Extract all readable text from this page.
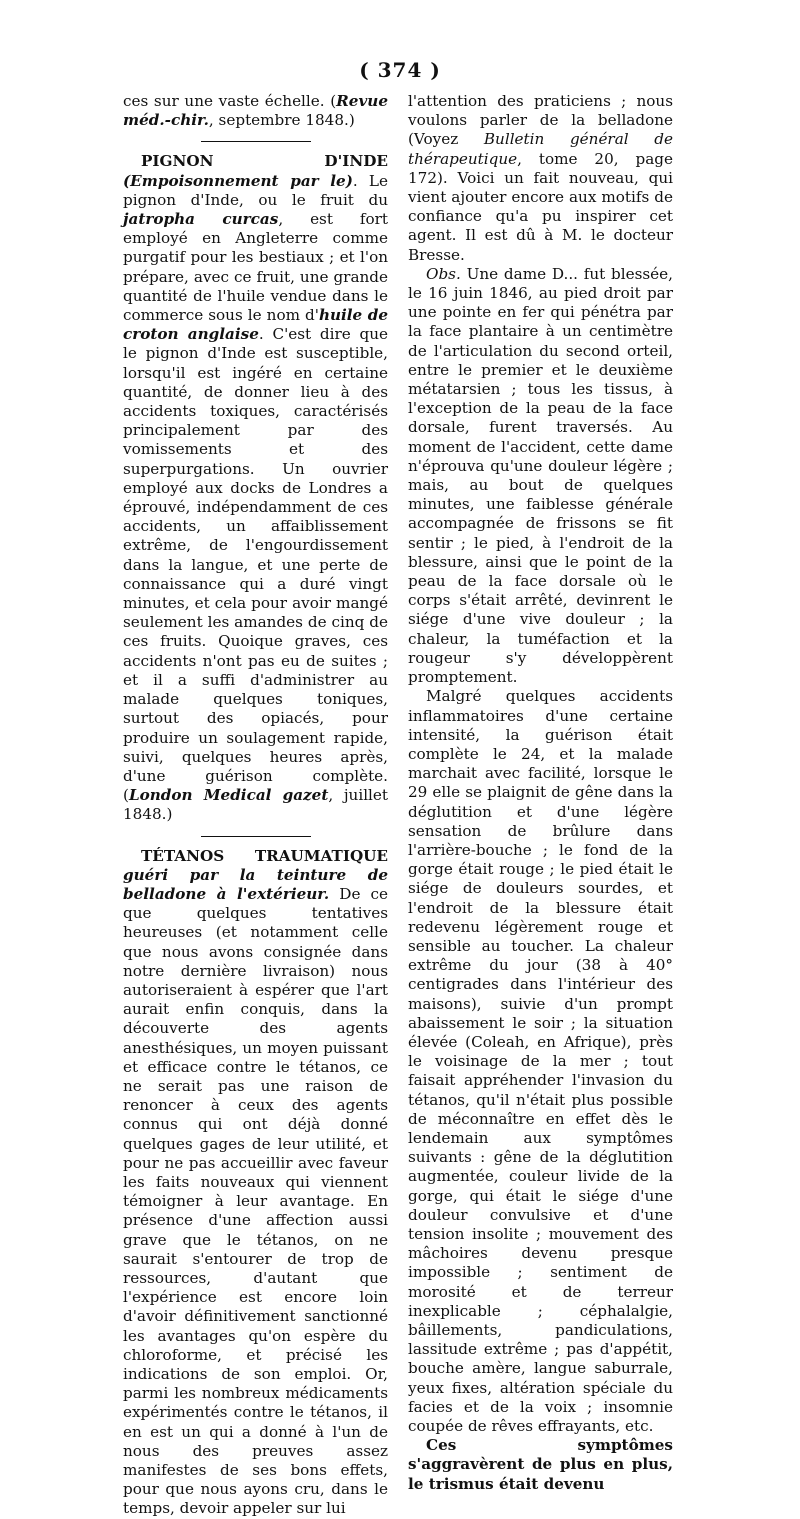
( 374 )

ces sur une vaste échelle. (Revue méd.-chir., septembre 1848.)

PIGNON D'INDE (Empoisonnement par le). Le pignon d'Inde, ou le fruit du jatropha curcas, est fort employé en Angleterre comme purgatif pour les bestiaux ; et l'on prépare, avec ce fruit, une grande quantité de l'huile vendue dans le commerce sous le nom d'huile de croton anglaise. C'est dire que le pignon d'Inde est susceptible, lorsqu'il est ingéré en certaine quantité, de donner lieu à des accidents toxiques, caractérisés principalement par des vomissements et des superpurgations. Un ouvrier employé aux docks de Londres a éprouvé, indépendamment de ces accidents, un affaiblissement extrême, de l'engourdissement dans la langue, et une perte de connaissance qui a duré vingt minutes, et cela pour avoir mangé seulement les amandes de cinq de ces fruits. Quoique graves, ces accidents n'ont pas eu de suites ; et il a suffi d'administrer au malade quelques toniques, surtout des opiacés, pour produire un soulagement rapide, suivi, quelques heures après, d'une guérison complète. (London Medical gazet, juillet 1848.)

TÉTANOS TRAUMATIQUE guéri par la teinture de belladone à l'extérieur. De ce que quelques tentatives heureuses (et notamment celle que nous avons consignée dans notre dernière livraison) nous autoriseraient à espérer que l'art aurait enfin conquis, dans la découverte des agents anesthésiques, un moyen puissant et efficace contre le tétanos, ce ne serait pas une raison de renoncer à ceux des agents connus qui ont déjà donné quelques gages de leur utilité, et pour ne pas accueillir avec faveur les faits nouveaux qui viennent témoigner à leur avantage. En présence d'une affection aussi grave que le tétanos, on ne saurait s'entourer de trop de ressources, d'autant que l'expérience est encore loin d'avoir définitivement sanctionné les avantages qu'on espère du chloroforme, et précisé les indications de son emploi. Or, parmi les nombreux médicaments expérimentés contre le tétanos, il en est un qui a donné à l'un de nous des preuves assez manifestes de ses bons effets, pour que nous ayons cru, dans le temps, devoir appeler sur lui

l'attention des praticiens ; nous voulons parler de la belladone (Voyez Bulletin général de thérapeutique, tome 20, page 172). Voici un fait nouveau, qui vient ajouter encore aux motifs de confiance qu'a pu inspirer cet agent. Il est dû à M. le docteur Bresse.

Obs. Une dame D... fut blessée, le 16 juin 1846, au pied droit par une pointe en fer qui pénétra par la face plantaire à un centimètre de l'articulation du second orteil, entre le premier et le deuxième métatarsien ; tous les tissus, à l'exception de la peau de la face dorsale, furent traversés. Au moment de l'accident, cette dame n'éprouva qu'une douleur légère ; mais, au bout de quelques minutes, une faiblesse générale accompagnée de frissons se fit sentir ; le pied, à l'endroit de la blessure, ainsi que le point de la peau de la face dorsale où le corps s'était arrêté, devinrent le siége d'une vive douleur ; la chaleur, la tuméfaction et la rougeur s'y développèrent promptement.

Malgré quelques accidents inflammatoires d'une certaine intensité, la guérison était complète le 24, et la malade marchait avec facilité, lorsque le 29 elle se plaignit de gêne dans la déglutition et d'une légère sensation de brûlure dans l'arrière-bouche ; le fond de la gorge était rouge ; le pied était le siége de douleurs sourdes, et l'endroit de la blessure était redevenu légèrement rouge et sensible au toucher. La chaleur extrême du jour (38 à 40° centigrades dans l'intérieur des maisons), suivie d'un prompt abaissement le soir ; la situation élevée (Coleah, en Afrique), près le voisinage de la mer ; tout faisait appréhender l'invasion du tétanos, qu'il n'était plus possible de méconnaître en effet dès le lendemain aux symptômes suivants : gêne de la déglutition augmentée, couleur livide de la gorge, qui était le siége d'une douleur convulsive et d'une tension insolite ; mouvement des mâchoires devenu presque impossible ; sentiment de morosité et de terreur inexplicable ; céphalalgie, bâillements, pandiculations, lassitude extrême ; pas d'appétit, bouche amère, langue saburrale, yeux fixes, altération spéciale du facies et de la voix ; insomnie coupée de rêves effrayants, etc.

Ces symptômes s'aggravèrent de plus en plus, le trismus était devenu
